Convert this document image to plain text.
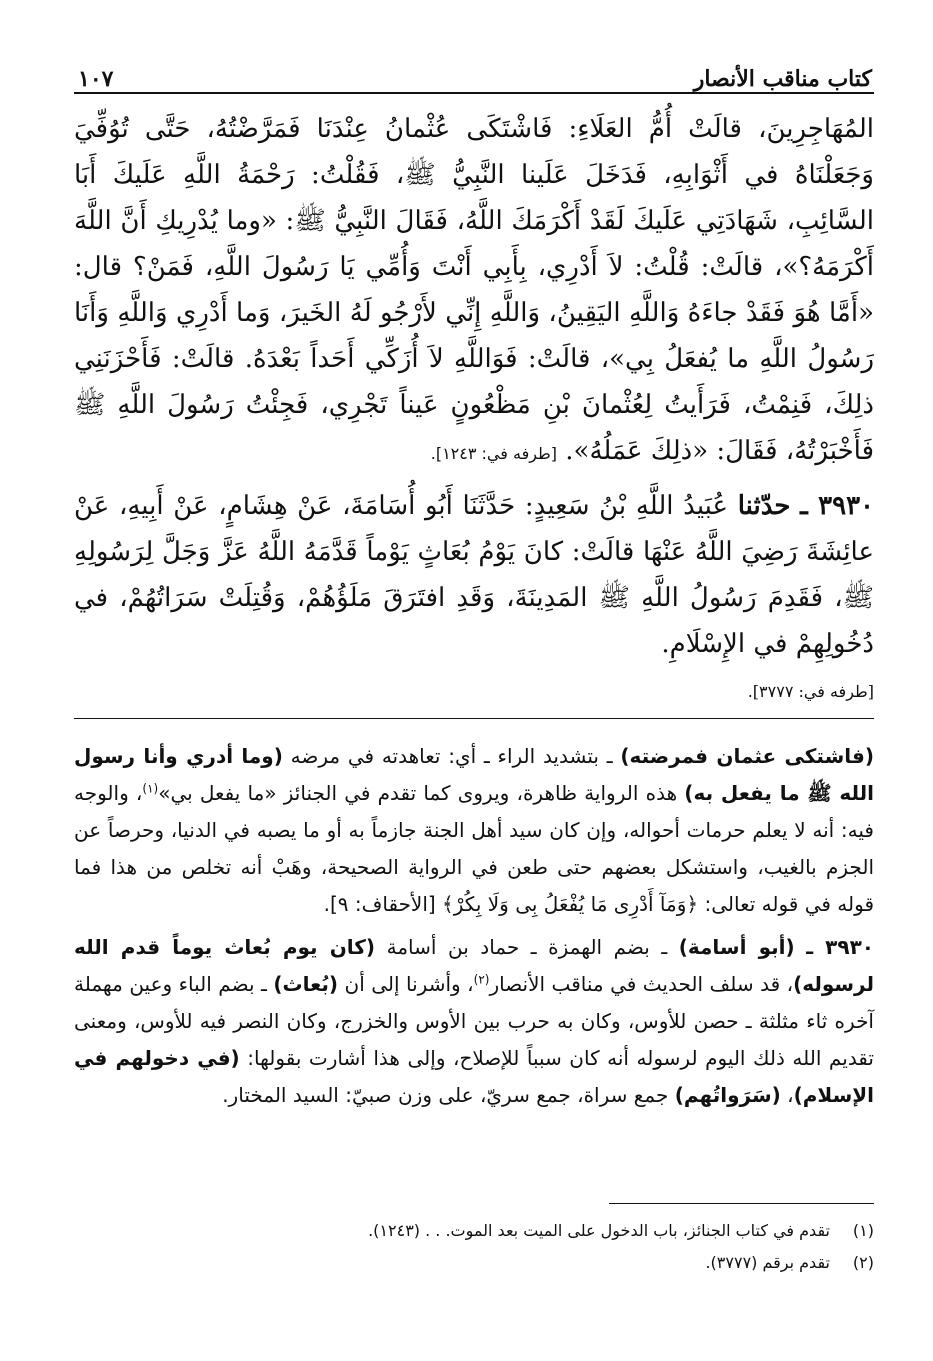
كتاب مناقب الأنصار
١٠٧

المُهَاجِرِينَ، قالَتْ أُمُّ العَلَاءِ: فَاشْتَكَى عُثْمانُ عِنْدَنَا فَمَرَّضْتُهُ، حَتَّى تُوُفِّيَ وَجَعَلْنَاهُ في أَثْوَابِهِ، فَدَخَلَ عَلَينا النَّبِيُّ ﷺ، فَقُلْتُ: رَحْمَةُ اللَّهِ عَلَيكَ أَبَا السَّائِبِ، شَهَادَتِي عَلَيكَ لَقَدْ أَكْرَمَكَ اللَّهُ، فَقَالَ النَّبِيُّ ﷺ: «وما يُدْرِيكِ أَنَّ اللَّهَ أَكْرَمَهُ؟»، قالَتْ: قُلْتُ: لاَ أَدْرِي، بِأَبِي أَنْتَ وَأُمِّي يَا رَسُولَ اللَّهِ، فَمَنْ؟ قال: «أَمَّا هُوَ فَقَدْ جاءَهُ وَاللَّهِ اليَقِينُ، وَاللَّهِ إِنِّي لأَرْجُو لَهُ الخَيرَ، وَما أَدْرِي وَاللَّهِ وَأَنَا رَسُولُ اللَّهِ ما يُفعَلُ بِي»، قالَتْ: فَوَاللَّهِ لاَ أُزَكِّي أَحَداً بَعْدَهُ. قالَتْ: فَأَحْزَنَنِي ذلِكَ، فَنِمْتُ، فَرَأَيتُ لِعُثْمانَ بْنِ مَظْعُونٍ عَيناً تَجْرِي، فَجِئْتُ رَسُولَ اللَّهِ ﷺ فَأَخْبَرْتُهُ، فَقَالَ: «ذلِكَ عَمَلُهُ». [طرفه في: ١٢٤٣].

٣٩٣٠ ـ حدّثنا عُبَيدُ اللَّهِ بْنُ سَعِيدٍ: حَدَّثَنَا أَبُو أُسَامَةَ، عَنْ هِشَامٍ، عَنْ أَبِيهِ، عَنْ عائِشَةَ رَضِيَ اللَّهُ عَنْهَا قالَتْ: كانَ يَوْمُ بُعَاثٍ يَوْماً قَدَّمَهُ اللَّهُ عَزَّ وَجَلَّ لِرَسُولِهِ ﷺ، فَقَدِمَ رَسُولُ اللَّهِ ﷺ المَدِينَةَ، وَقَدِ افتَرَقَ مَلَؤُهُمْ، وَقُتِلَتْ سَرَاتُهُمْ، في دُخُولِهِمْ في الإِسْلَامِ.

[طرفه في: ٣٧٧٧].

(فاشتكى عثمان فمرضته) ـ بتشديد الراء ـ أي: تعاهدته في مرضه (وما أدري وأنا رسول الله ﷺ ما يفعل به) هذه الرواية ظاهرة، ويروى كما تقدم في الجنائز «ما يفعل بي»$^{(١)}$، والوجه فيه: أنه لا يعلم حرمات أحواله، وإن كان سيد أهل الجنة جازماً به أو ما يصبه في الدنيا، وحرصاً عن الجزم بالغيب، واستشكل بعضهم حتى طعن في الرواية الصحيحة، وهَبْ أنه تخلص من هذا فما قوله في قوله تعالى: ﴿وَمَآ أَدْرِى مَا يُفْعَلُ بِى وَلَا بِكُرْ﴾ [الأحقاف: ٩].

٣٩٣٠ ـ (أبو أسامة) ـ بضم الهمزة ـ حماد بن أسامة (كان يوم بُعاث يوماً قدم الله لرسوله)، قد سلف الحديث في مناقب الأنصار$^{(٢)}$، وأشرنا إلى أن (بُعاث) ـ بضم الباء وعين مهملة آخره ثاء مثلثة ـ حصن للأوس، وكان به حرب بين الأوس والخزرج، وكان النصر فيه للأوس، ومعنى تقديم الله ذلك اليوم لرسوله أنه كان سبباً للإصلاح، وإلى هذا أشارت بقولها: (في دخولهم في الإسلام)، (سَرَواتُهم) جمع سراة، جمع سريّ، على وزن صبيّ: السيد المختار.

(١)
تقدم في كتاب الجنائز، باب الدخول على الميت بعد الموت. . . (١٢٤٣).
(٢)
تقدم برقم (٣٧٧٧).
